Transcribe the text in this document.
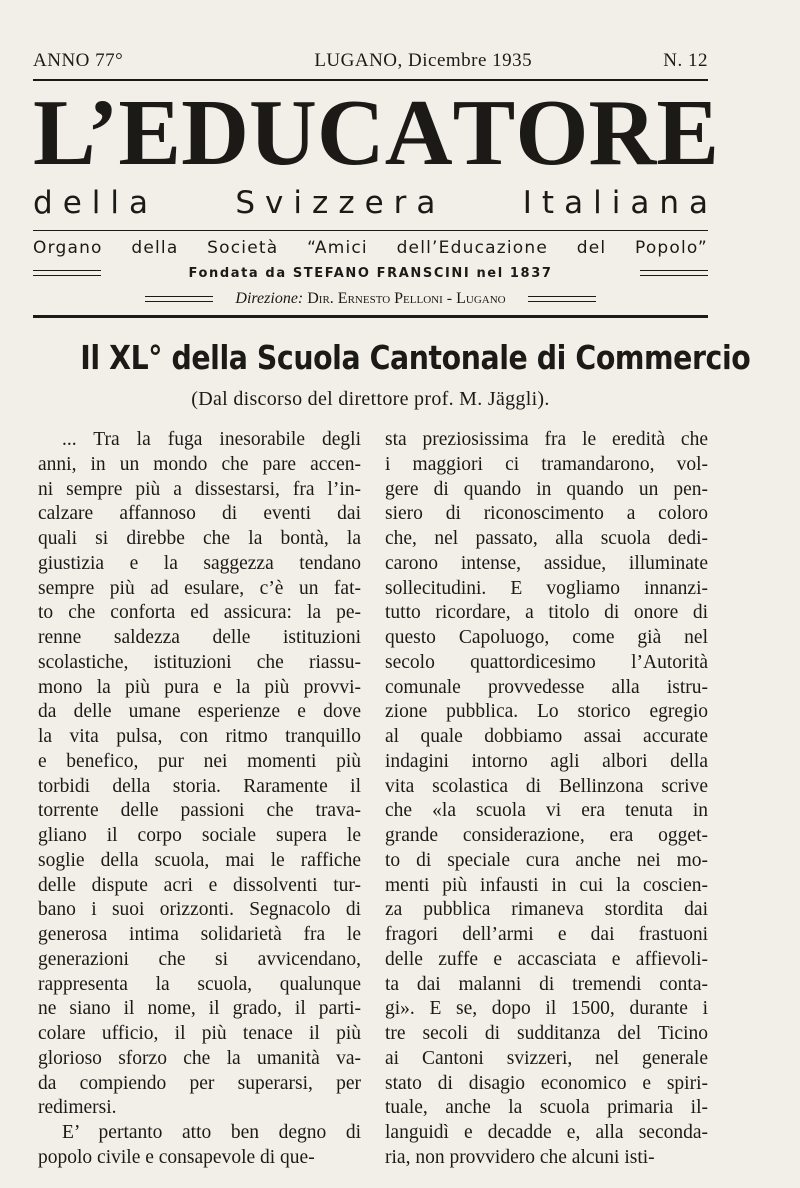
ANNO 77°	LUGANO, Dicembre 1935	N. 12
L’E D U C A T O R E
d e l l a	S v i z z e r a	I t a l i a n a
Organo della Società “Amici dell’Educazione del Popolo”
Fondata da STEFANO FRANSCINI nel 1837
Direzione: Dir. Ernesto Pelloni - Lugano
Il XL° della Scuola Cantonale di Commercio
(Dal discorso del direttore prof. M. Jäggli).
... Tra la fuga inesorabile degli
anni, in un mondo che pare accen-
ni sempre più a dissestarsi, fra l’in-
calzare affannoso di eventi dai
quali si direbbe che la bontà, la
giustizia e la saggezza tendano
sempre più ad esulare, c’è un fat-
to che conforta ed assicura: la pe-
renne saldezza delle istituzioni
scolastiche, istituzioni che riassu-
mono la più pura e la più provvi-
da delle umane esperienze e dove
la vita pulsa, con ritmo tranquillo
e benefico, pur nei momenti più
torbidi della storia. Raramente il
torrente delle passioni che trava-
gliano il corpo sociale supera le
soglie della scuola, mai le raffiche
delle dispute acri e dissolventi tur-
bano i suoi orizzonti. Segnacolo di
generosa intima solidarietà fra le
generazioni che si avvicendano,
rappresenta la scuola, qualunque
ne siano il nome, il grado, il parti-
colare ufficio, il più tenace il più
glorioso sforzo che la umanità va-
da compiendo per superarsi, per
redimersi.
E’ pertanto atto ben degno di
popolo civile e consapevole di que-
sta preziosissima fra le eredità che
i maggiori ci tramandarono, vol-
gere di quando in quando un pen-
siero di riconoscimento a coloro
che, nel passato, alla scuola dedi-
carono intense, assidue, illuminate
sollecitudini. E vogliamo innanzi-
tutto ricordare, a titolo di onore di
questo Capoluogo, come già nel
secolo quattordicesimo l’Autorità
comunale provvedesse alla istru-
zione pubblica. Lo storico egregio
al quale dobbiamo assai accurate
indagini intorno agli albori della
vita scolastica di Bellinzona scrive
che «la scuola vi era tenuta in
grande considerazione, era ogget-
to di speciale cura anche nei mo-
menti più infausti in cui la coscien-
za pubblica rimaneva stordita dai
fragori dell’armi e dai frastuoni
delle zuffe e accasciata e affievoli-
ta dai malanni di tremendi conta-
gi». E se, dopo il 1500, durante i
tre secoli di sudditanza del Ticino
ai Cantoni svizzeri, nel generale
stato di disagio economico e spiri-
tuale, anche la scuola primaria il-
languidì e decadde e, alla seconda-
ria, non provvidero che alcuni isti-
